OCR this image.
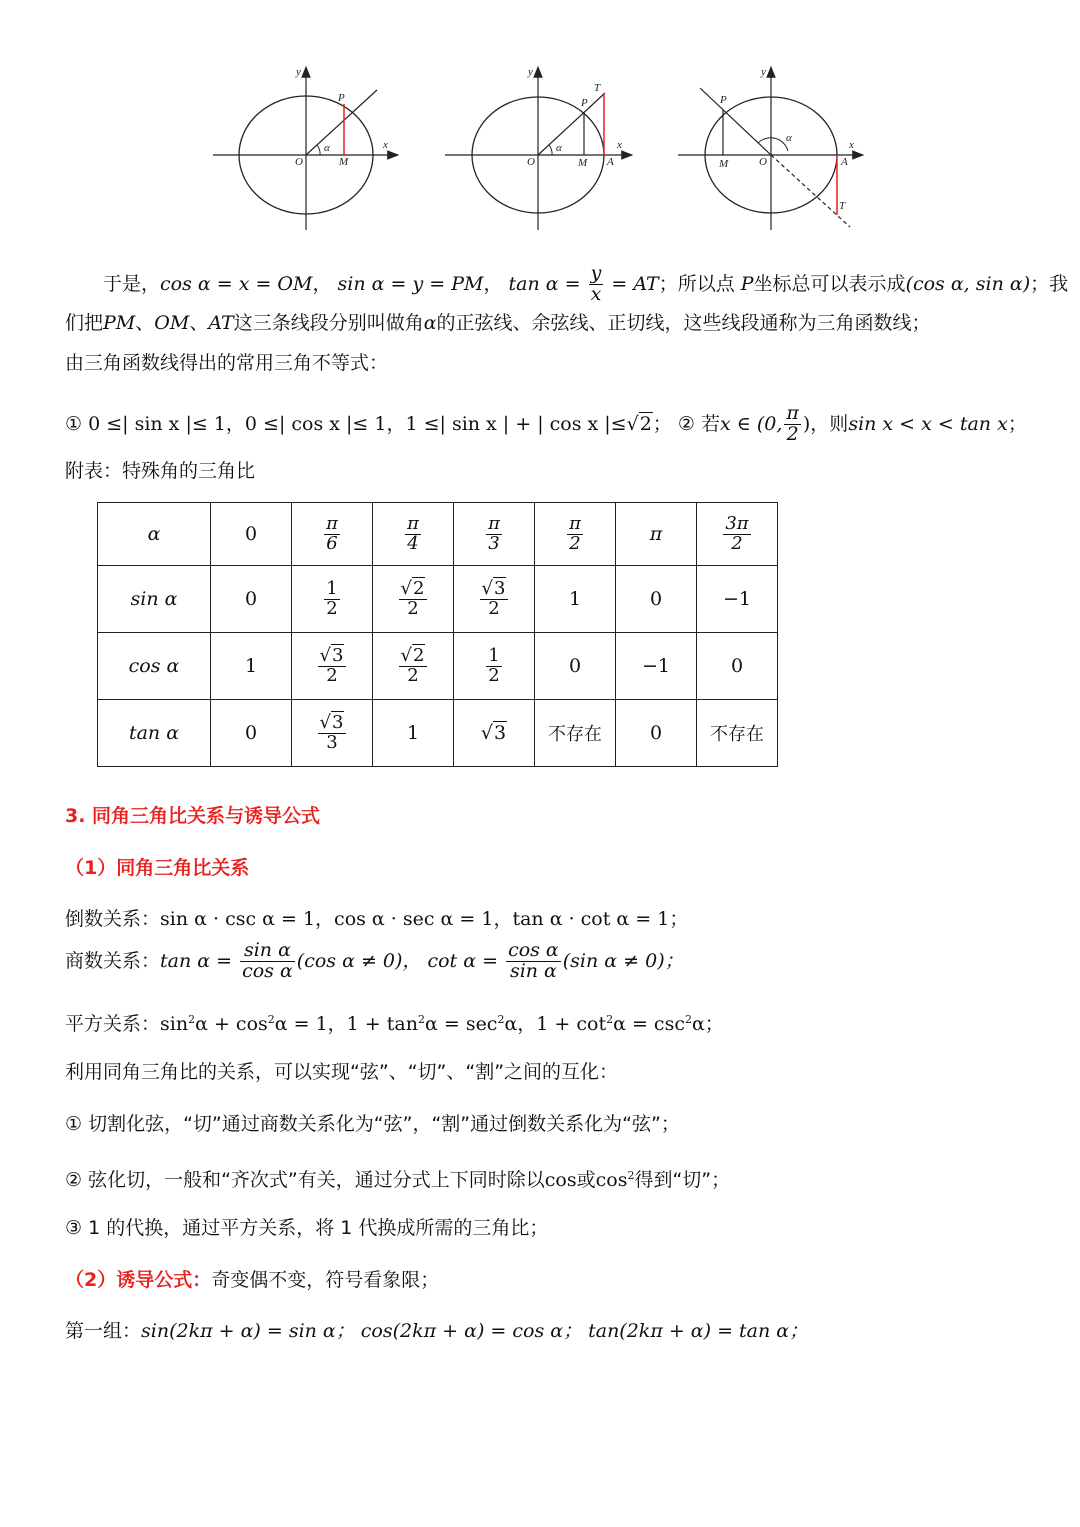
y
x
O
P
M
α
y
x
O
P
M A
T
α
y
x
O
P
M	A
T
α
于是，cos α = x = OM， sin α = y = PM， $\tan \alpha = \frac{y}{x}$ = AT；所以点 P坐标总可以表示成(cos α, sin α)；我
们把PM、OM、AT这三条线段分别叫做角α的正弦线、余弦线、正切线，这些线段通称为三角函数线；
由三角函数线得出的常用三角不等式：
① 0 ≤| sin x |≤ 1，0 ≤| cos x |≤ 1，1 ≤| sin x | + | cos x |≤√2； ② 若x ∈ (0, $\frac{\pi}{2}$ )，则sin x < x < tan x；
附表：特殊角的三角比
α	0	$\frac{\pi}{6}$	$\frac{\pi}{4}$	$\frac{\pi}{3}$	$\frac{\pi}{2}$	π	$\frac{3\pi}{2}$

sin α	0	$\frac{1}{2}$	$\frac{√2}{2}$	$\frac{√3}{2}$	1	0	−1
cos α	1	$\frac{√3}{2}$	$\frac{√2}{2}$	$\frac{1}{2}$	0	−1	0
tan α	0	$\frac{√3}{3}$	1	√3	不存在	0	不存在
3. 同角三角比关系与诱导公式
（1）同角三角比关系
倒数关系：sin α · csc α = 1，cos α · sec α = 1，tan α · cot α = 1；
商数关系：$\tan \alpha = \frac{\text{sin α}}{\text{cos α}} (\cos$ α ≠ 0)， $\cot \alpha = \frac{\text{cos α}}{\text{sin α}} (\sin$ α ≠ 0)；
平方关系：$\sin^2\alpha + \cos^2\alpha = 1$，$1 + \tan^2\alpha = \sec^2\alpha$，$1 + \cot^2\alpha = \csc^2\alpha$；
利用同角三角比的关系，可以实现“弦”、“切”、“割”之间的互化：
① 切割化弦，“切”通过商数关系化为“弦”，“割”通过倒数关系化为“弦”；
② 弦化切，一般和“齐次式”有关，通过分式上下同时除以cos或$\cos^2$得到“切”；
③ 1 的代换，通过平方关系，将 1 代换成所需的三角比；
（2）诱导公式：奇变偶不变，符号看象限；
第一组：sin(2kπ + α) = sin α； cos(2kπ + α) = cos α； tan(2kπ + α) = tan α；
